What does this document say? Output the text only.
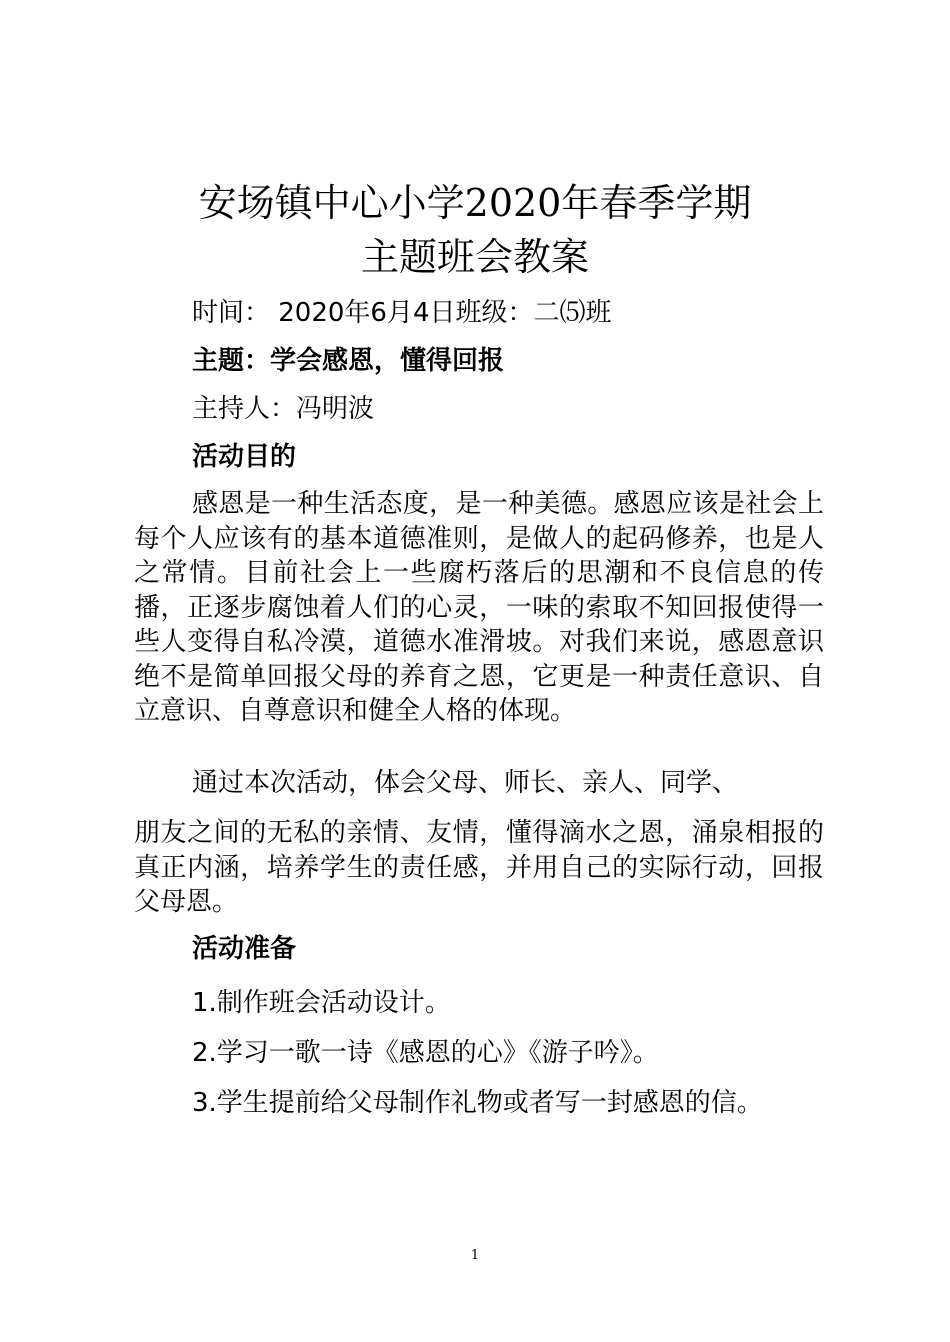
安场镇中心小学2020年春季学期
主题班会教案
时间： 2020年6月4日班级：二⑸班
主题：学会感恩，懂得回报
主持人：冯明波
活动目的

感恩是一种生活态度，是一种美德。感恩应该是社会上每个人应该有的基本道德准则，是做人的起码修养，也是人之常情。目前社会上一些腐朽落后的思潮和不良信息的传播，正逐步腐蚀着人们的心灵，一味的索取不知回报使得一些人变得自私冷漠，道德水准滑坡。对我们来说，感恩意识绝不是简单回报父母的养育之恩，它更是一种责任意识、自立意识、自尊意识和健全人格的体现。

通过本次活动，体会父母、师长、亲人、同学、

朋友之间的无私的亲情、友情，懂得滴水之恩，涌泉相报的真正内涵，培养学生的责任感，并用自己的实际行动，回报父母恩。

活动准备
1.制作班会活动设计。
2.学习一歌一诗《感恩的心》《游子吟》。
3.学生提前给父母制作礼物或者写一封感恩的信。
1
